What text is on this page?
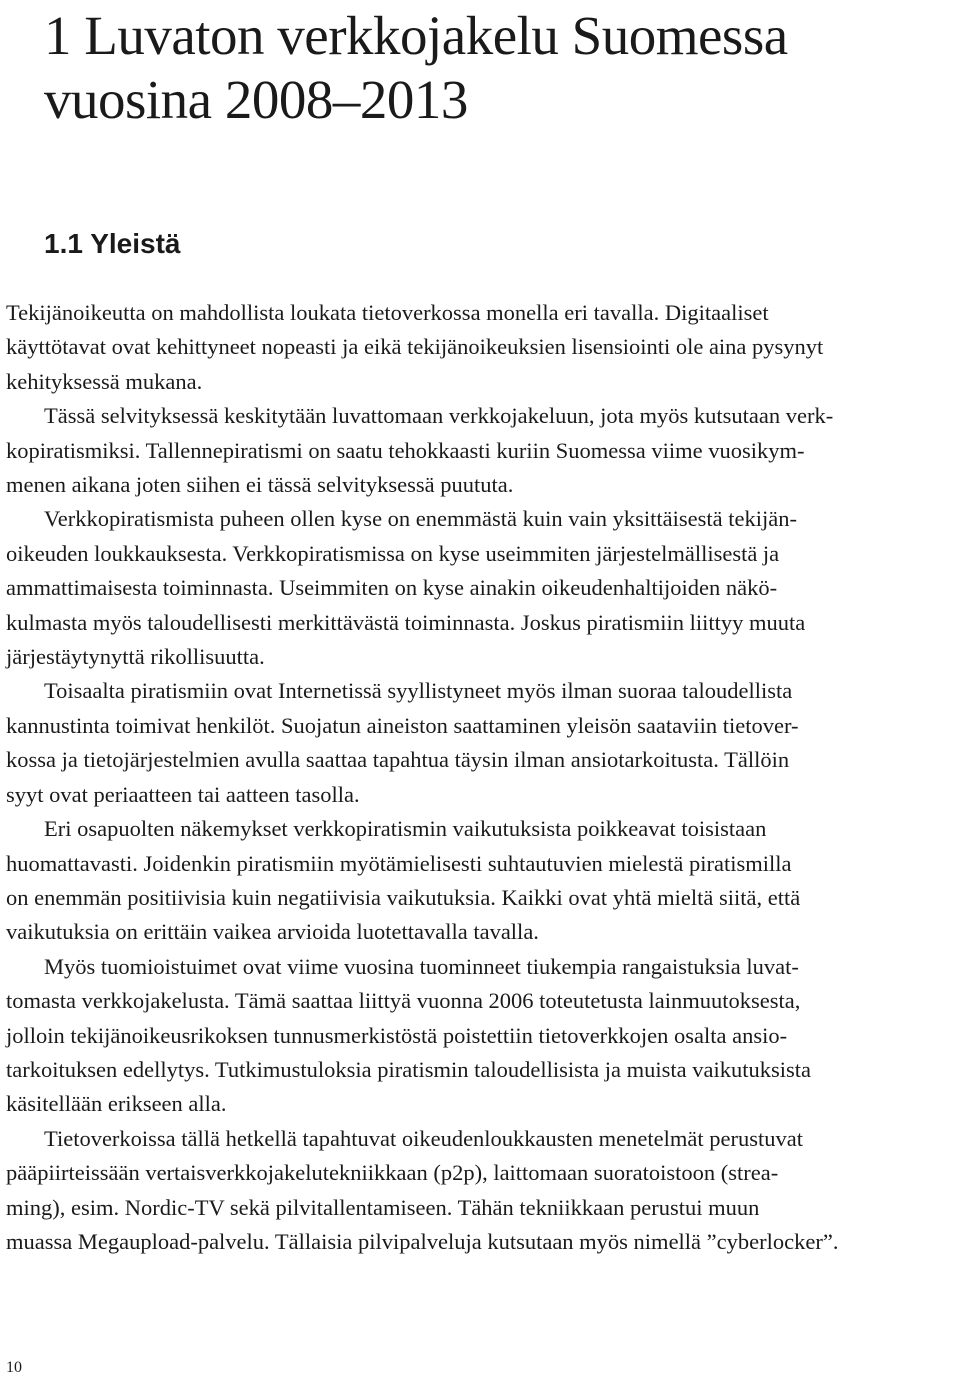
1 Luvaton verkkojakelu Suomessa
vuosina 2008–2013
1.1 Yleistä
Tekijänoikeutta on mahdollista loukata tietoverkossa monella eri tavalla. Digitaaliset
käyttötavat ovat kehittyneet nopeasti ja eikä tekijänoikeuksien lisensiointi ole aina pysynyt
kehityksessä mukana.
Tässä selvityksessä keskitytään luvattomaan verkkojakeluun, jota myös kutsutaan verk-
kopiratismiksi. Tallennepiratismi on saatu tehokkaasti kuriin Suomessa viime vuosikym-
menen aikana joten siihen ei tässä selvityksessä puututa.
Verkkopiratismista puheen ollen kyse on enemmästä kuin vain yksittäisestä tekijän-
oikeuden loukkauksesta. Verkkopiratismissa on kyse useimmiten järjestelmällisestä ja
ammattimaisesta toiminnasta. Useimmiten on kyse ainakin oikeudenhaltijoiden näkö-
kulmasta myös taloudellisesti merkittävästä toiminnasta. Joskus piratismiin liittyy muuta
järjestäytynyttä rikollisuutta.
Toisaalta piratismiin ovat Internetissä syyllistyneet myös ilman suoraa taloudellista
kannustinta toimivat henkilöt. Suojatun aineiston saattaminen yleisön saataviin tietover-
kossa ja tietojärjestelmien avulla saattaa tapahtua täysin ilman ansiotarkoitusta. Tällöin
syyt ovat periaatteen tai aatteen tasolla.
Eri osapuolten näkemykset verkkopiratismin vaikutuksista poikkeavat toisistaan
huomattavasti. Joidenkin piratismiin myötämielisesti suhtautuvien mielestä piratismilla
on enemmän positiivisia kuin negatiivisia vaikutuksia. Kaikki ovat yhtä mieltä siitä, että
vaikutuksia on erittäin vaikea arvioida luotettavalla tavalla.
Myös tuomioistuimet ovat viime vuosina tuominneet tiukempia rangaistuksia luvat-
tomasta verkkojakelusta. Tämä saattaa liittyä vuonna 2006 toteutetusta lainmuutoksesta,
jolloin tekijänoikeusrikoksen tunnusmerkistöstä poistettiin tietoverkkojen osalta ansio-
tarkoituksen edellytys. Tutkimustuloksia piratismin taloudellisista ja muista vaikutuksista
käsitellään erikseen alla.
Tietoverkoissa tällä hetkellä tapahtuvat oikeudenloukkausten menetelmät perustuvat
pääpiirteissään vertaisverkkojakelutekniikkaan (p2p), laittomaan suoratoistoon (strea-
ming), esim. Nordic-TV sekä pilvitallentamiseen. Tähän tekniikkaan perustui muun
muassa Megaupload-palvelu. Tällaisia pilvipalveluja kutsutaan myös nimellä ”cyberlocker”.
10
